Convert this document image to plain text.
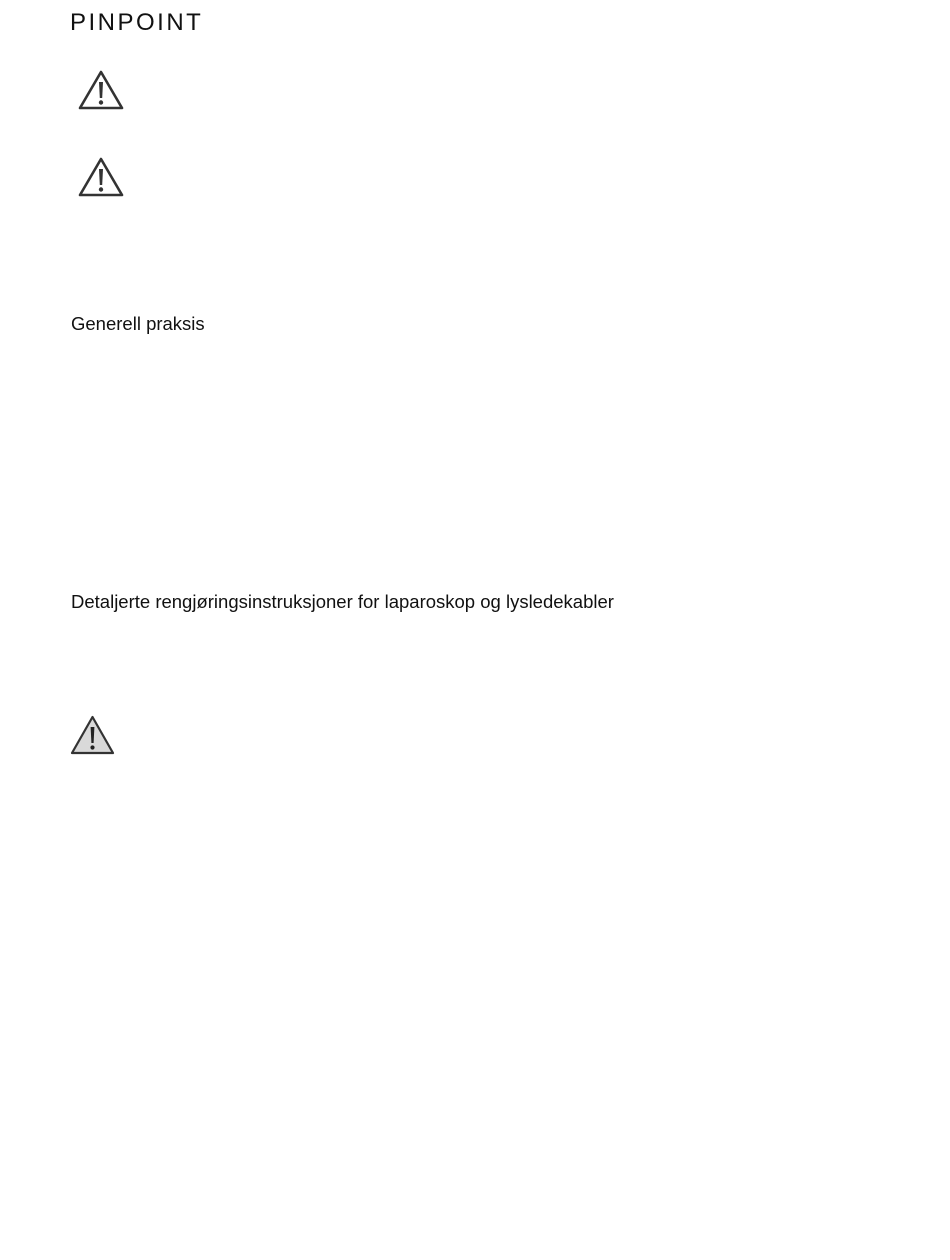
PINPOINT
Generell praksis
Detaljerte rengjøringsinstruksjoner for laparoskop og lysledekabler
